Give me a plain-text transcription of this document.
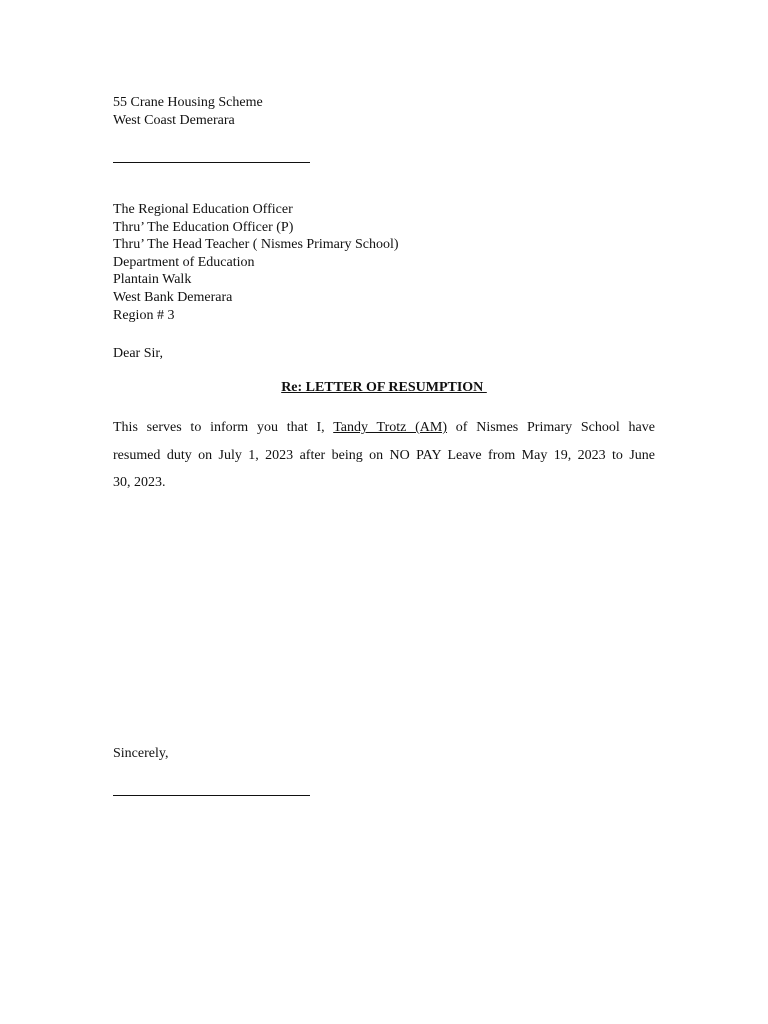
55 Crane Housing Scheme
West Coast Demerara
The Regional Education Officer
Thru’ The Education Officer (P)
Thru’ The Head Teacher ( Nismes Primary School)
Department of Education
Plantain Walk
West Bank Demerara
Region # 3
Dear Sir,
Re: LETTER OF RESUMPTION
This serves to inform you that I, Tandy Trotz (AM) of Nismes Primary School have
resumed duty on July 1, 2023 after being on NO PAY Leave from May 19, 2023 to June
30, 2023.
Sincerely,
